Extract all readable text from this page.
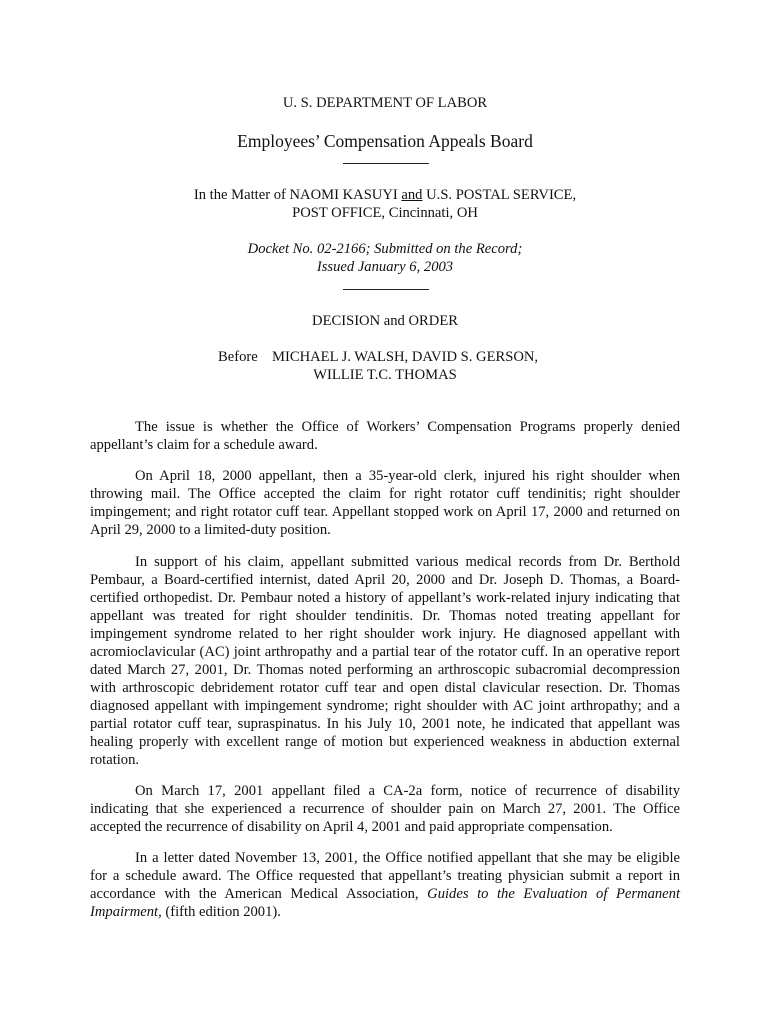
U. S. DEPARTMENT OF LABOR
Employees’ Compensation Appeals Board
In the Matter of NAOMI KASUYI and U.S. POSTAL SERVICE,
POST OFFICE, Cincinnati, OH
Docket No. 02-2166; Submitted on the Record;
Issued January 6, 2003
DECISION and ORDER
Before MICHAEL J. WALSH, DAVID S. GERSON,
WILLIE T.C. THOMAS

The issue is whether the Office of Workers’ Compensation Programs properly denied appellant’s claim for a schedule award.

On April 18, 2000 appellant, then a 35-year-old clerk, injured his right shoulder when throwing mail. The Office accepted the claim for right rotator cuff tendinitis; right shoulder impingement; and right rotator cuff tear. Appellant stopped work on April 17, 2000 and returned on April 29, 2000 to a limited-duty position.

In support of his claim, appellant submitted various medical records from Dr. Berthold Pembaur, a Board-certified internist, dated April 20, 2000 and Dr. Joseph D. Thomas, a Board-certified orthopedist. Dr. Pembaur noted a history of appellant’s work-related injury indicating that appellant was treated for right shoulder tendinitis. Dr. Thomas noted treating appellant for impingement syndrome related to her right shoulder work injury. He diagnosed appellant with acromioclavicular (AC) joint arthropathy and a partial tear of the rotator cuff. In an operative report dated March 27, 2001, Dr. Thomas noted performing an arthroscopic subacromial decompression with arthroscopic debridement rotator cuff tear and open distal clavicular resection. Dr. Thomas diagnosed appellant with impingement syndrome; right shoulder with AC joint arthropathy; and a partial rotator cuff tear, supraspinatus. In his July 10, 2001 note, he indicated that appellant was healing properly with excellent range of motion but experienced weakness in abduction external rotation.

On March 17, 2001 appellant filed a CA-2a form, notice of recurrence of disability indicating that she experienced a recurrence of shoulder pain on March 27, 2001. The Office accepted the recurrence of disability on April 4, 2001 and paid appropriate compensation.

In a letter dated November 13, 2001, the Office notified appellant that she may be eligible for a schedule award. The Office requested that appellant’s treating physician submit a report in accordance with the American Medical Association, Guides to the Evaluation of Permanent Impairment, (fifth edition 2001).
